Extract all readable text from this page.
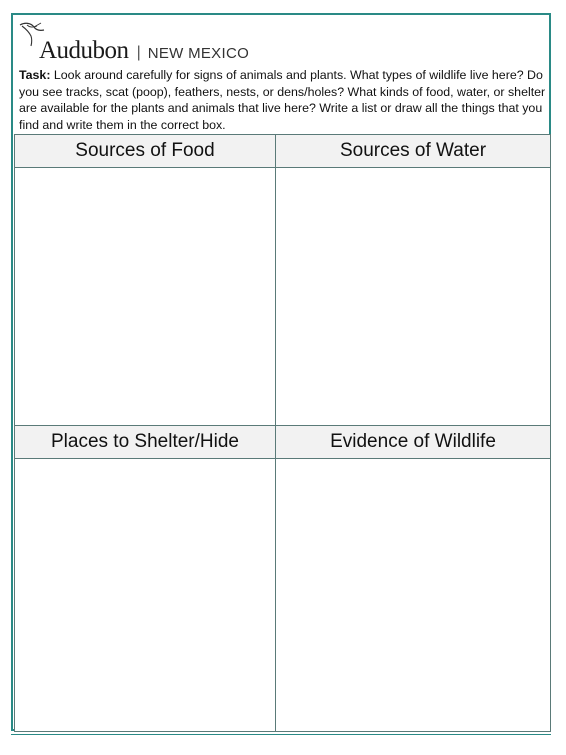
Audubon | NEW MEXICO
Task: Look around carefully for signs of animals and plants. What types of wildlife live here? Do you see tracks, scat (poop), feathers, nests, or dens/holes? What kinds of food, water, or shelter are available for the plants and animals that live here? Write a list or draw all the things that you find and write them in the correct box.
Sources of Food	Sources of Water
Places to Shelter/Hide	Evidence of Wildlife
